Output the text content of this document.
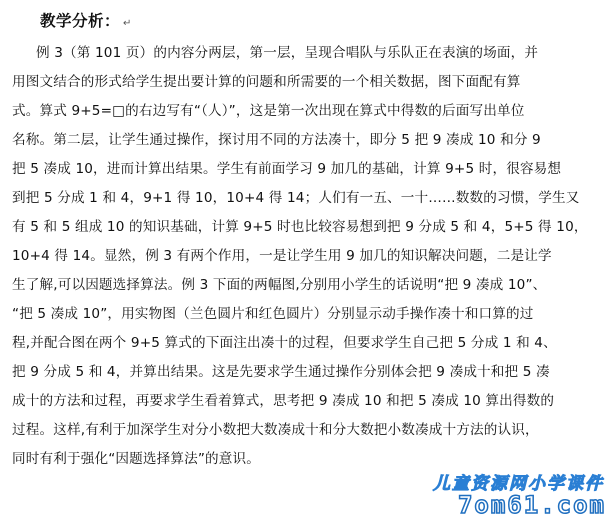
教学分析： ↵
例 3（第 101 页）的内容分两层，第一层，呈现合唱队与乐队正在表演的场面，并
用图文结合的形式给学生提出要计算的问题和所需要的一个相关数据，图下面配有算
式。算式 9+5=□的右边写有“（人）”，这是第一次出现在算式中得数的后面写出单位
名称。第二层，让学生通过操作，探讨用不同的方法凑十，即分 5 把 9 凑成 10 和分 9
把 5 凑成 10，进而计算出结果。学生有前面学习 9 加几的基础，计算 9+5 时，很容易想
到把 5 分成 1 和 4，9+1 得 10，10+4 得 14；人们有一五、一十……数数的习惯，学生又
有 5 和 5 组成 10 的知识基础，计算 9+5 时也比较容易想到把 9 分成 5 和 4，5+5 得 10，
10+4 得 14。显然，例 3 有两个作用，一是让学生用 9 加几的知识解决问题，二是让学
生了解,可以因题选择算法。例 3 下面的两幅图,分别用小学生的话说明“把 9 凑成 10”、
“把 5 凑成 10”，用实物图（兰色圆片和红色圆片）分别显示动手操作凑十和口算的过
程,并配合图在两个 9+5 算式的下面注出凑十的过程，但要求学生自己把 5 分成 1 和 4、
把 9 分成 5 和 4，并算出结果。这是先要求学生通过操作分别体会把 9 凑成十和把 5 凑
成十的方法和过程，再要求学生看着算式，思考把 9 凑成 10 和把 5 凑成 10 算出得数的
过程。这样,有利于加深学生对分小数把大数凑成十和分大数把小数凑成十方法的认识，
同时有利于强化“因题选择算法”的意识。
儿童资源网小学课件
7om61.com
